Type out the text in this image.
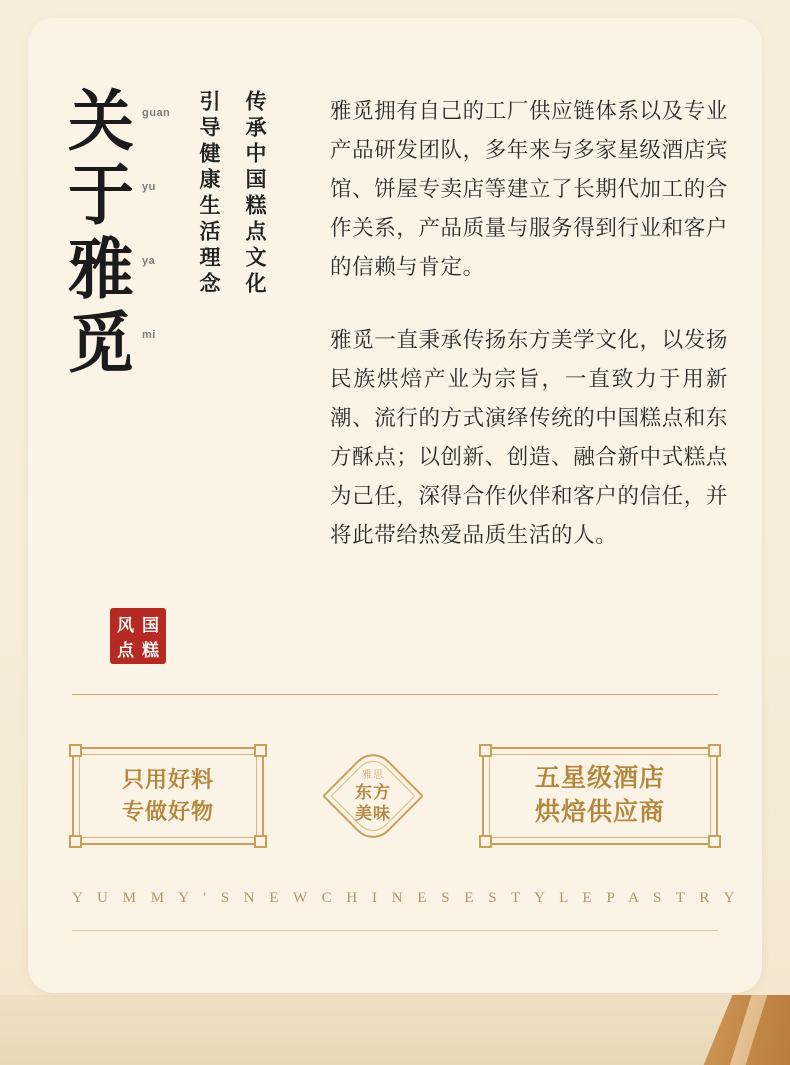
关 guan
于 yu
雅 ya
觅 mi
传承中国糕点文化
引导健康生活理念	雅觅拥有自己的工厂供应链体系以及专业产品研发团队，多年来与多家星级酒店宾馆、饼屋专卖店等建立了长期代加工的合作关系，产品质量与服务得到行业和客户的信赖与肯定。

雅觅一直秉承传扬东方美学文化，以发扬民族烘焙产业为宗旨，一直致力于用新潮、流行的方式演绎传统的中国糕点和东方酥点；以创新、创造、融合新中式糕点为己任，深得合作伙伴和客户的信任，并将此带给热爱品质生活的人。

风 国
点 糕
只用好料
专做好物
雅思
东方
美味
五星级酒店
烘焙供应商
Y U M M Y ' S N E W C H I N E S E S T Y L E P A S T R Y
